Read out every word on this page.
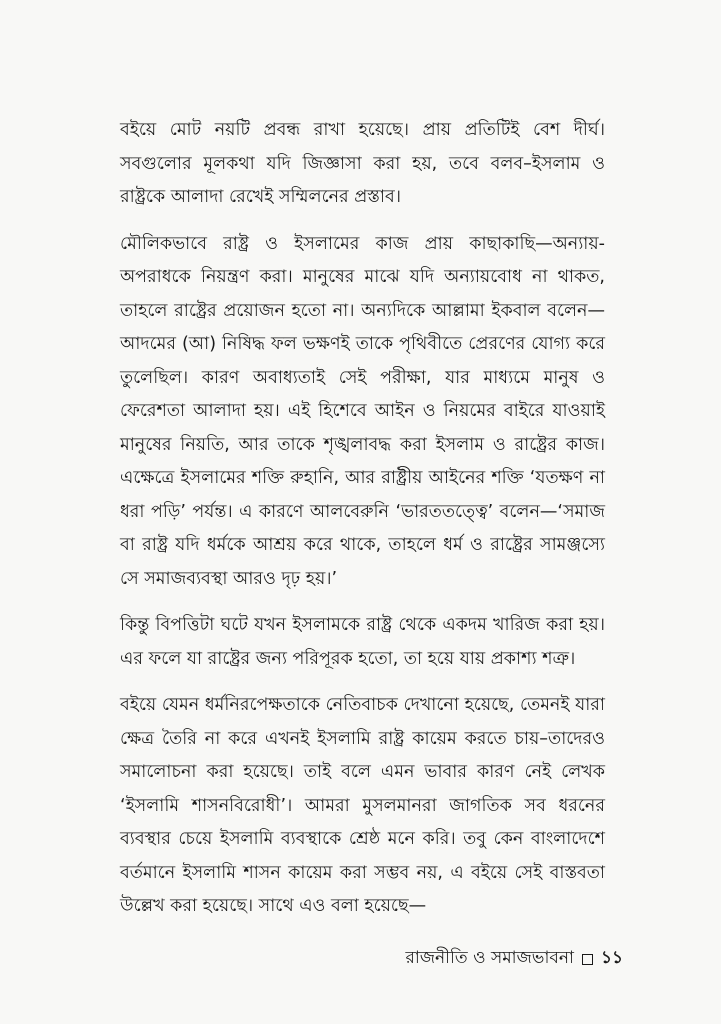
বইয়ে মোট নয়টি প্রবন্ধ রাখা হয়েছে। প্রায় প্রতিটিই বেশ দীর্ঘ। সবগুলোর মূলকথা যদি জিজ্ঞাসা করা হয়, তবে বলব–ইসলাম ও রাষ্ট্রকে আলাদা রেখেই সম্মিলনের প্রস্তাব।

মৌলিকভাবে রাষ্ট্র ও ইসলামের কাজ প্রায় কাছাকাছি—অন্যায়-অপরাধকে নিয়ন্ত্রণ করা। মানুষের মাঝে যদি অন্যায়বোধ না থাকত, তাহলে রাষ্ট্রের প্রয়োজন হতো না। অন্যদিকে আল্লামা ইকবাল বলেন—আদমের (আ) নিষিদ্ধ ফল ভক্ষণই তাকে পৃথিবীতে প্রেরণের যোগ্য করে তুলেছিল। কারণ অবাধ্যতাই সেই পরীক্ষা, যার মাধ্যমে মানুষ ও ফেরেশতা আলাদা হয়। এই হিশেবে আইন ও নিয়মের বাইরে যাওয়াই মানুষের নিয়তি, আর তাকে শৃঙ্খলাবদ্ধ করা ইসলাম ও রাষ্ট্রের কাজ। এক্ষেত্রে ইসলামের শক্তি রুহানি, আর রাষ্ট্রীয় আইনের শক্তি ‘যতক্ষণ না ধরা পড়ি’ পর্যন্ত। এ কারণে আলবেরুনি ‘ভারততত্ত্বে’ বলেন—‘সমাজ বা রাষ্ট্র যদি ধর্মকে আশ্রয় করে থাকে, তাহলে ধর্ম ও রাষ্ট্রের সামঞ্জস্যে সে সমাজব্যবস্থা আরও দৃঢ় হয়।’

কিন্তু বিপত্তিটা ঘটে যখন ইসলামকে রাষ্ট্র থেকে একদম খারিজ করা হয়। এর ফলে যা রাষ্ট্রের জন্য পরিপূরক হতো, তা হয়ে যায় প্রকাশ্য শত্রু।

বইয়ে যেমন ধর্মনিরপেক্ষতাকে নেতিবাচক দেখানো হয়েছে, তেমনই যারা ক্ষেত্র তৈরি না করে এখনই ইসলামি রাষ্ট্র কায়েম করতে চায়–তাদেরও সমালোচনা করা হয়েছে। তাই বলে এমন ভাবার কারণ নেই লেখক ‘ইসলামি শাসনবিরোধী’। আমরা মুসলমানরা জাগতিক সব ধরনের ব্যবস্থার চেয়ে ইসলামি ব্যবস্থাকে শ্রেষ্ঠ মনে করি। তবু কেন বাংলাদেশে বর্তমানে ইসলামি শাসন কায়েম করা সম্ভব নয়, এ বইয়ে সেই বাস্তবতা উল্লেখ করা হয়েছে। সাথে এও বলা হয়েছে—

রাজনীতি ও সমাজভাবনা ১১
